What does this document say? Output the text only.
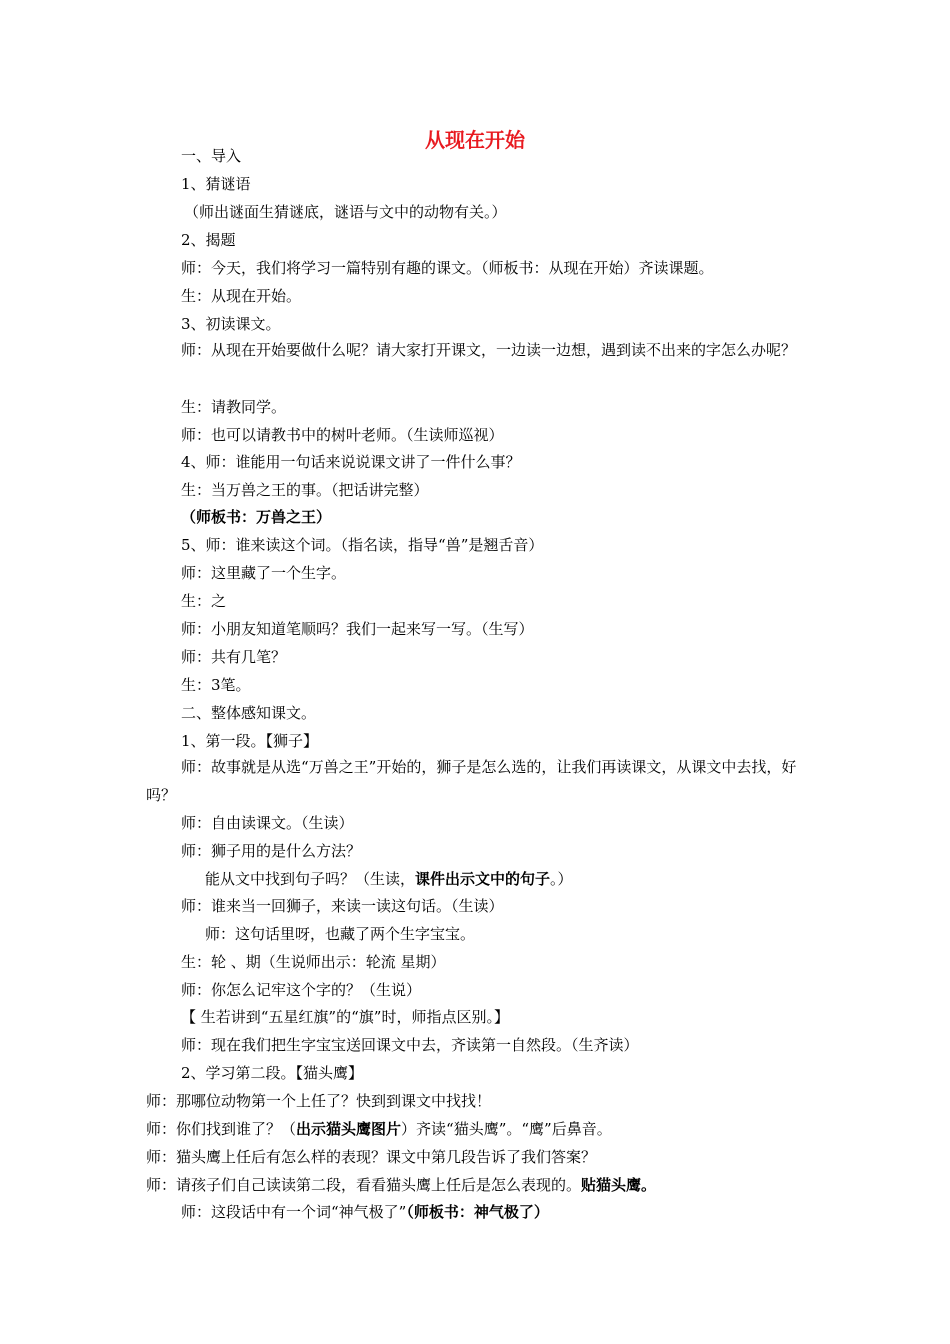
从现在开始
一、导入
1、猜谜语
（师出谜面生猜谜底，谜语与文中的动物有关。）
2、揭题
师：今天，我们将学习一篇特别有趣的课文。（师板书：从现在开始）齐读课题。
生：从现在开始。
3、初读课文。
师：从现在开始要做什么呢？请大家打开课文，一边读一边想，遇到读不出来的字怎么办呢？
生：请教同学。
师：也可以请教书中的树叶老师。（生读师巡视）
4、师：谁能用一句话来说说课文讲了一件什么事？
生：当万兽之王的事。（把话讲完整）
（师板书：万兽之王）
5、师：谁来读这个词。（指名读，指导“兽”是翘舌音）
师：这里藏了一个生字。
生：之
师：小朋友知道笔顺吗？我们一起来写一写。（生写）
师：共有几笔？
生：3笔。
二、整体感知课文。
1、第一段。【狮子】
师：故事就是从选“万兽之王”开始的，狮子是怎么选的，让我们再读课文，从课文中去找，好吗？
师：自由读课文。（生读）
师：狮子用的是什么方法？
能从文中找到句子吗？（生读，课件出示文中的句子。）
师：谁来当一回狮子，来读一读这句话。（生读）
师：这句话里呀，也藏了两个生字宝宝。
生：轮 、期（生说师出示：轮流 星期）
师：你怎么记牢这个字的？（生说）
【 生若讲到“五星红旗”的“旗”时，师指点区别。】
师：现在我们把生字宝宝送回课文中去，齐读第一自然段。（生齐读）
2、学习第二段。【猫头鹰】
师：那哪位动物第一个上任了？快到到课文中找找！
师：你们找到谁了？（出示猫头鹰图片）齐读“猫头鹰”。“鹰”后鼻音。
师：猫头鹰上任后有怎么样的表现？课文中第几段告诉了我们答案？
师：请孩子们自己读读第二段，看看猫头鹰上任后是怎么表现的。贴猫头鹰。
师：这段话中有一个词“神气极了”（师板书：神气极了）
